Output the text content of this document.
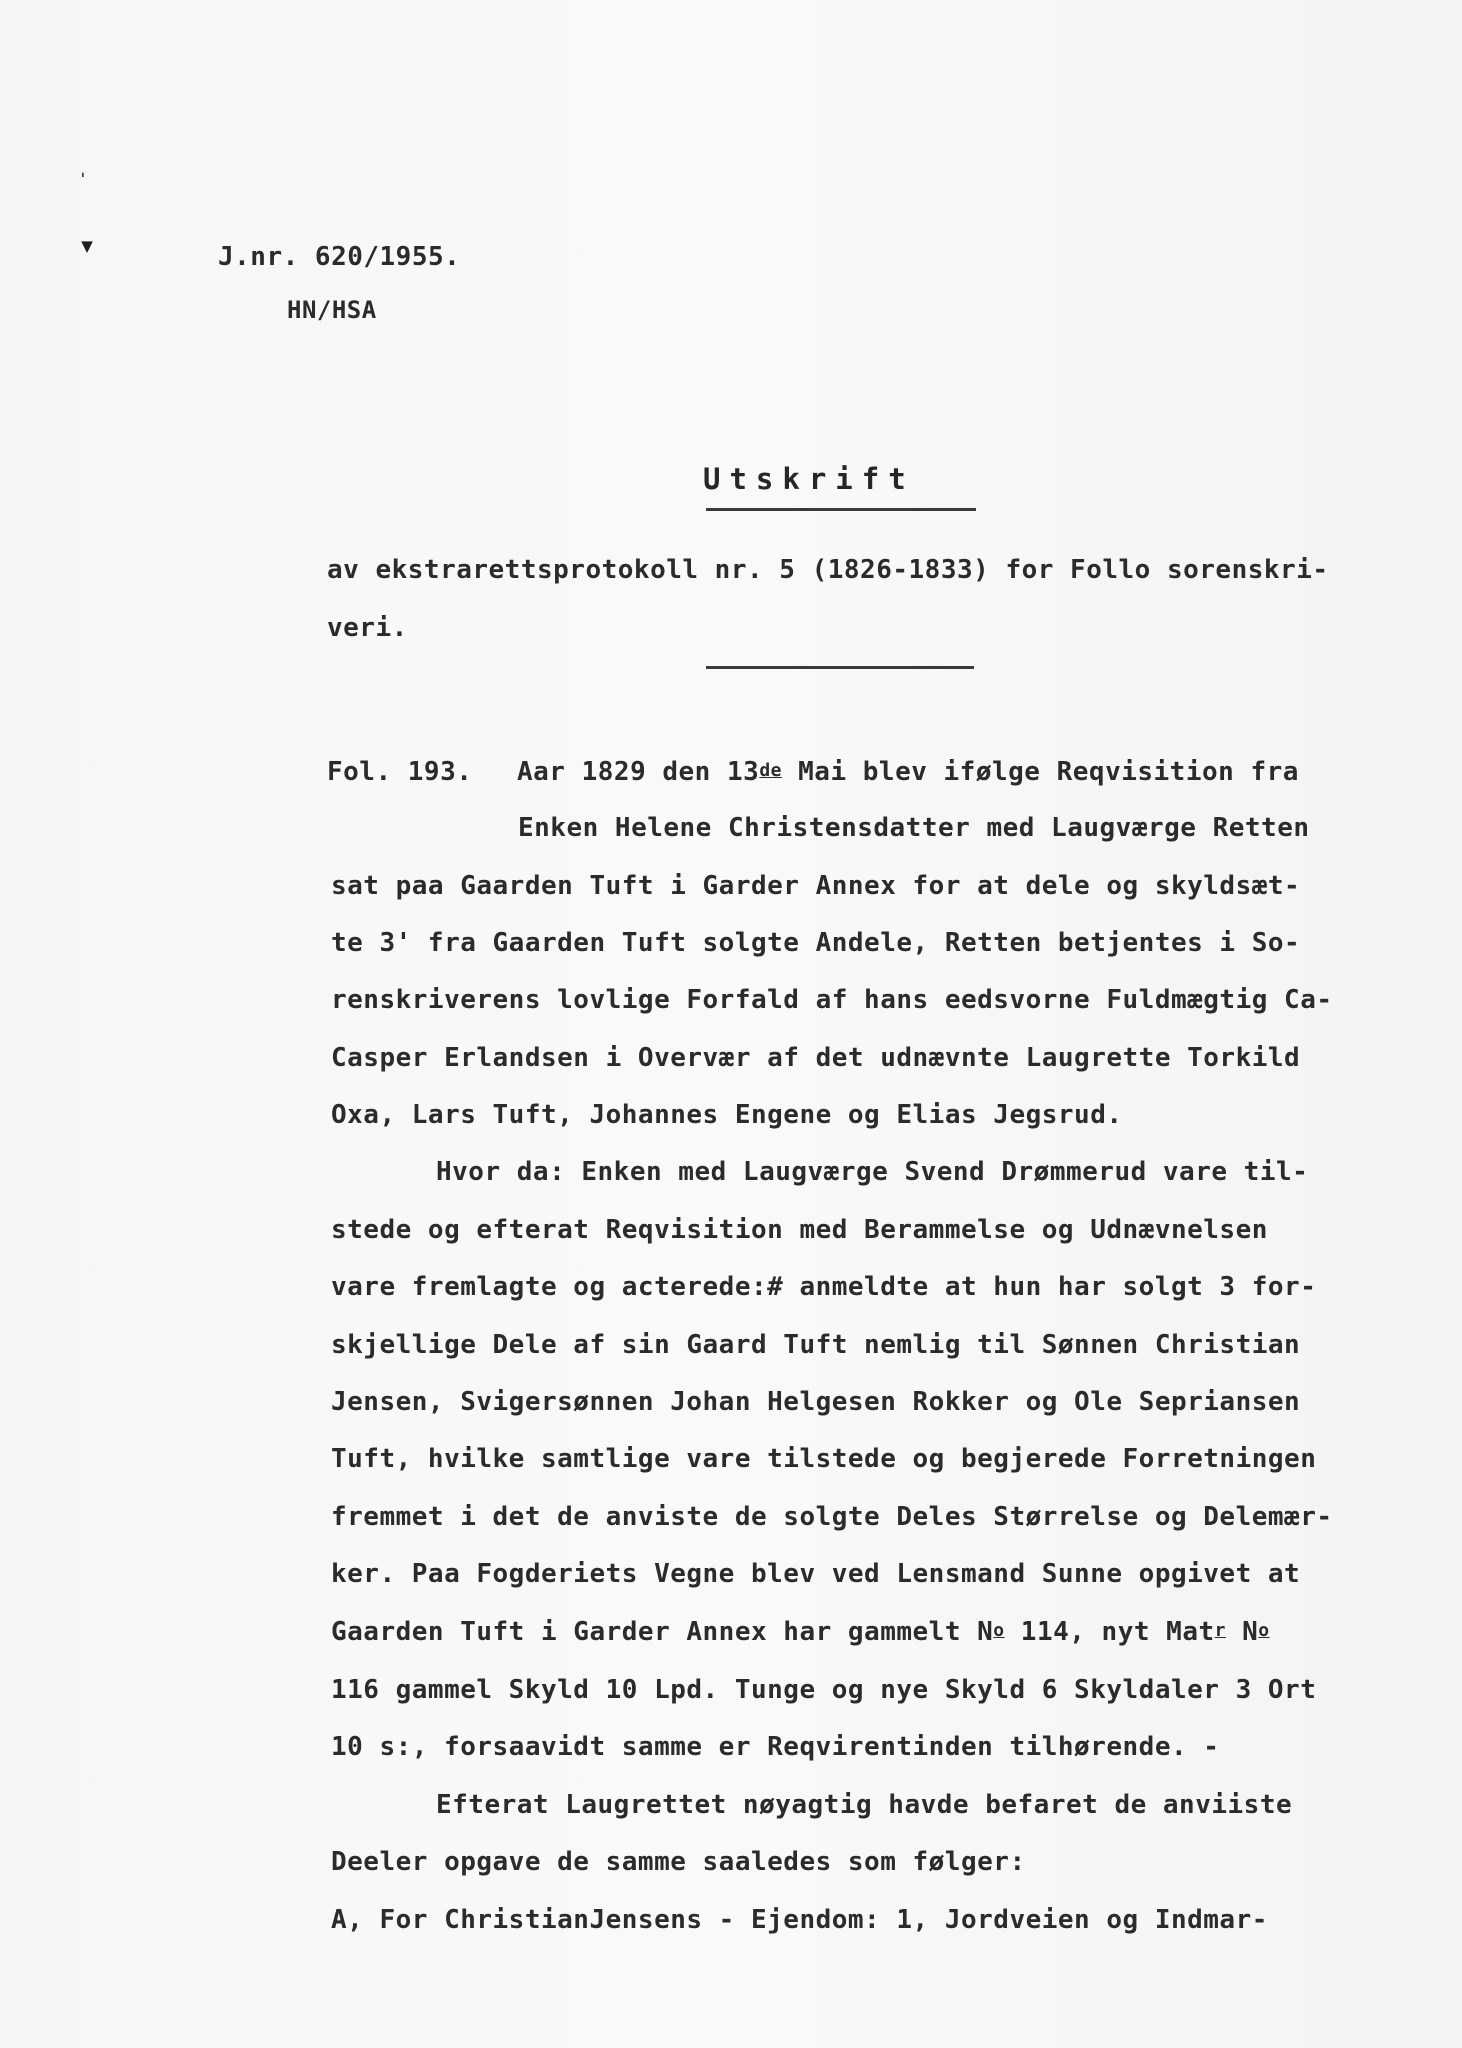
ˈ
▾	J.nr. 620/1955.
HN/HSA
Utskrift
av ekstrarettsprotokoll nr. 5 (1826-1833) for Follo sorenskri-
veri.
Fol. 193. Aar 1829 den 13de Mai blev ifølge Reqvisition fra
Enken Helene Christensdatter med Laugværge Retten
sat paa Gaarden Tuft i Garder Annex for at dele og skyldsæt-
te 3' fra Gaarden Tuft solgte Andele, Retten betjentes i So-
renskriverens lovlige Forfald af hans eedsvorne Fuldmægtig Ca-
Casper Erlandsen i Overvær af det udnævnte Laugrette Torkild
Oxa, Lars Tuft, Johannes Engene og Elias Jegsrud.
Hvor da: Enken med Laugværge Svend Drømmerud vare til-
stede og efterat Reqvisition med Berammelse og Udnævnelsen
vare fremlagte og acterede:# anmeldte at hun har solgt 3 for-
skjellige Dele af sin Gaard Tuft nemlig til Sønnen Christian
Jensen, Svigersønnen Johan Helgesen Rokker og Ole Sepriansen
Tuft, hvilke samtlige vare tilstede og begjerede Forretningen
fremmet i det de anviste de solgte Deles Størrelse og Delemær-
ker. Paa Fogderiets Vegne blev ved Lensmand Sunne opgivet at
Gaarden Tuft i Garder Annex har gammelt $N^o$ 114, nyt Mat$^r$ $N^o$
116 gammel Skyld 10 Lpd. Tunge og nye Skyld 6 Skyldaler 3 Ort
10 s:, forsaavidt samme er Reqvirentinden tilhørende. -
Efterat Laugrettet nøyagtig havde befaret de anviiste
Deeler opgave de samme saaledes som følger:
A, For ChristianJensens - Ejendom: 1, Jordveien og Indmar-
